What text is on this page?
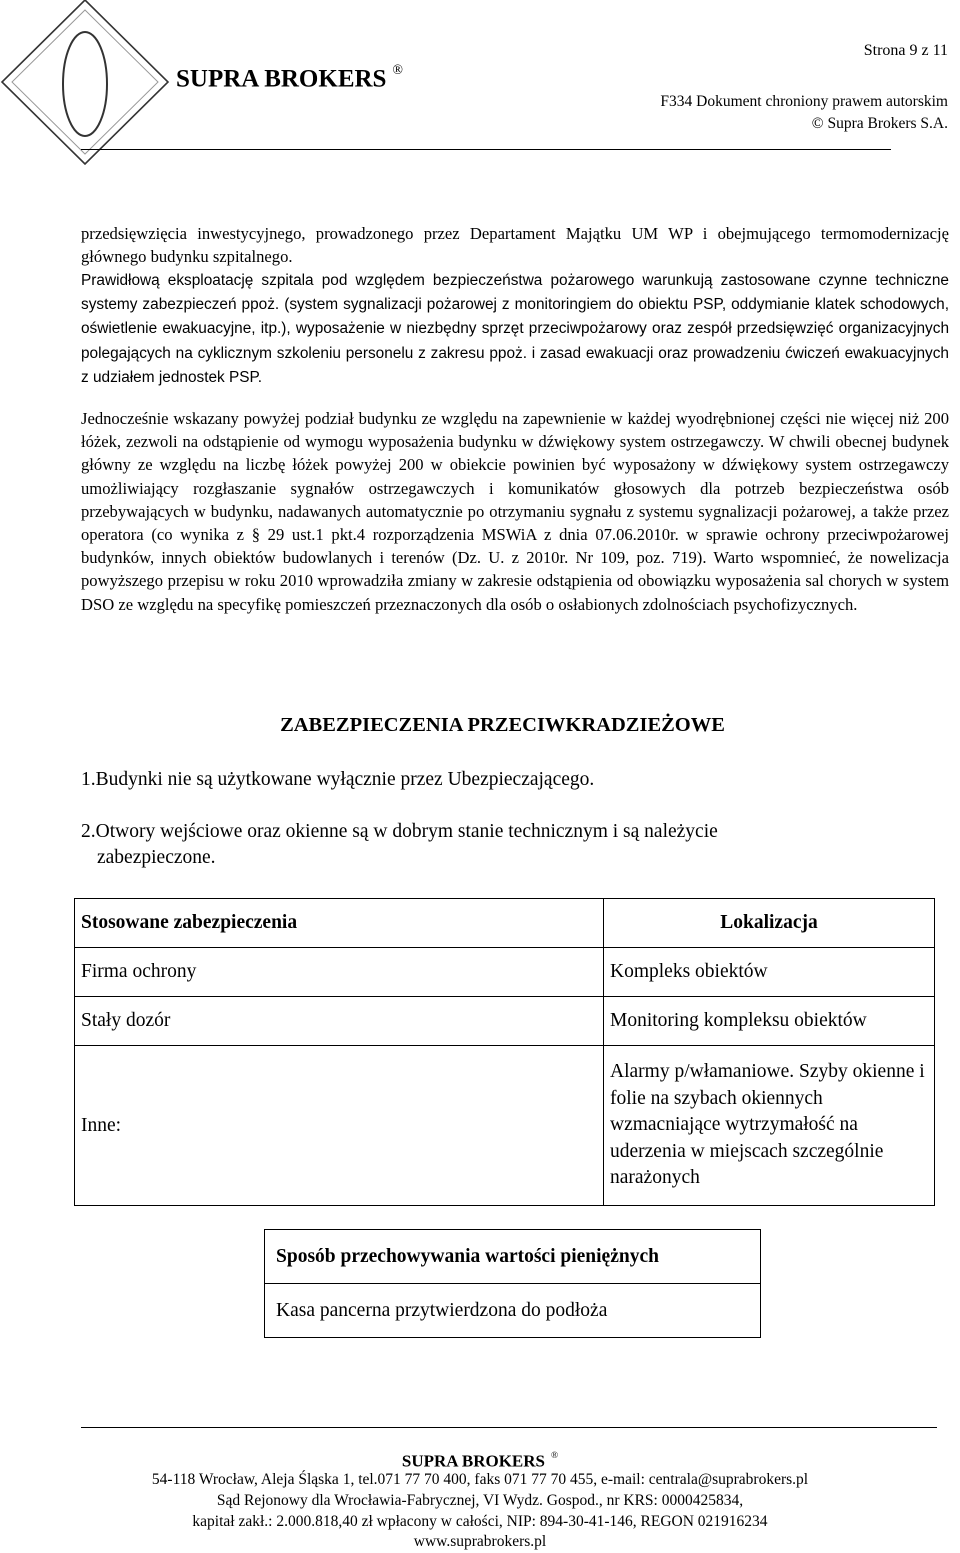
SUPRA BROKERS ®
Strona 9 z 11
F334 Dokument chroniony prawem autorskim
© Supra Brokers S.A.
przedsięwzięcia inwestycyjnego, prowadzonego przez Departament Majątku UM WP i obejmującego termomodernizację głównego budynku szpitalnego.
Prawidłową eksploatację szpitala pod względem bezpieczeństwa pożarowego warunkują zastosowane czynne techniczne systemy zabezpieczeń ppoż. (system sygnalizacji pożarowej z monitoringiem do obiektu PSP, oddymianie klatek schodowych, oświetlenie ewakuacyjne, itp.), wyposażenie w niezbędny sprzęt przeciwpożarowy oraz zespół przedsięwzięć organizacyjnych polegających na cyklicznym szkoleniu personelu z zakresu ppoż. i zasad ewakuacji oraz prowadzeniu ćwiczeń ewakuacyjnych z udziałem jednostek PSP.
Jednocześnie wskazany powyżej podział budynku ze względu na zapewnienie w każdej wyodrębnionej części nie więcej niż 200 łóżek, zezwoli na odstąpienie od wymogu wyposażenia budynku w dźwiękowy system ostrzegawczy. W chwili obecnej budynek główny ze względu na liczbę łóżek powyżej 200 w obiekcie powinien być wyposażony w dźwiękowy system ostrzegawczy umożliwiający rozgłaszanie sygnałów ostrzegawczych i komunikatów głosowych dla potrzeb bezpieczeństwa osób przebywających w budynku, nadawanych automatycznie po otrzymaniu sygnału z systemu sygnalizacji pożarowej, a także przez operatora (co wynika z § 29 ust.1 pkt.4 rozporządzenia MSWiA z dnia 07.06.2010r. w sprawie ochrony przeciwpożarowej budynków, innych obiektów budowlanych i terenów (Dz. U. z 2010r. Nr 109, poz. 719). Warto wspomnieć, że nowelizacja powyższego przepisu w roku 2010 wprowadziła zmiany w zakresie odstąpienia od obowiązku wyposażenia sal chorych w system DSO ze względu na specyfikę pomieszczeń przeznaczonych dla osób o osłabionych zdolnościach psychofizycznych.
ZABEZPIECZENIA PRZECIWKRADZIEŻOWE
1.Budynki nie są użytkowane wyłącznie przez Ubezpieczającego.
2.Otwory wejściowe oraz okienne są w dobrym stanie technicznym i są należycie
zabezpieczone.
Stosowane zabezpieczenia	Lokalizacja
Firma ochrony	Kompleks obiektów
Stały dozór	Monitoring kompleksu obiektów
Inne:	Alarmy p/włamaniowe. Szyby okienne i folie na szybach okiennych wzmacniające wytrzymałość na uderzenia w miejscach szczególnie narażonych
Sposób przechowywania wartości pieniężnych
Kasa pancerna przytwierdzona do podłoża
SUPRA BROKERS ®
54-118 Wrocław, Aleja Śląska 1, tel.071 77 70 400, faks 071 77 70 455, e-mail: centrala@suprabrokers.pl
Sąd Rejonowy dla Wrocławia-Fabrycznej, VI Wydz. Gospod., nr KRS: 0000425834,
kapitał zakł.: 2.000.818,40 zł wpłacony w całości, NIP: 894-30-41-146, REGON 021916234
www.suprabrokers.pl
